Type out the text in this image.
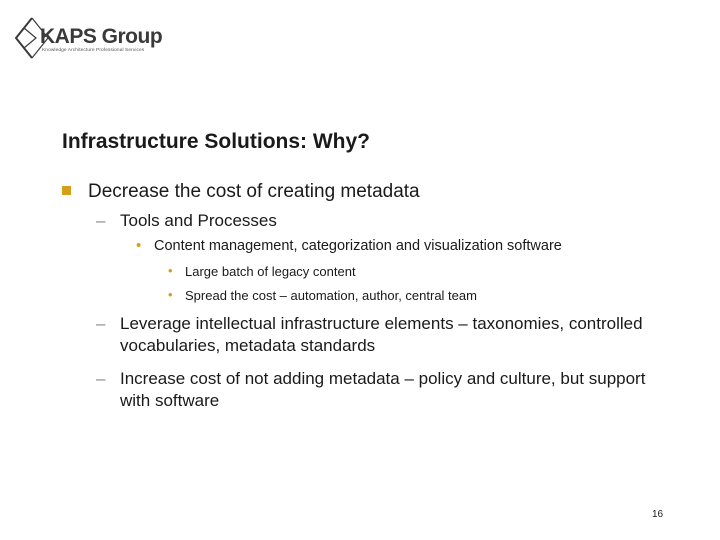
KAPS Group
Knowledge Architecture Professional Services
Infrastructure Solutions: Why?
Decrease the cost of creating metadata
– Tools and Processes
• Content management, categorization and visualization software
• Large batch of legacy content
• Spread the cost – automation, author, central team
– Leverage intellectual infrastructure elements – taxonomies, controlled vocabularies, metadata standards
– Increase cost of not adding metadata – policy and culture, but support with software
16
